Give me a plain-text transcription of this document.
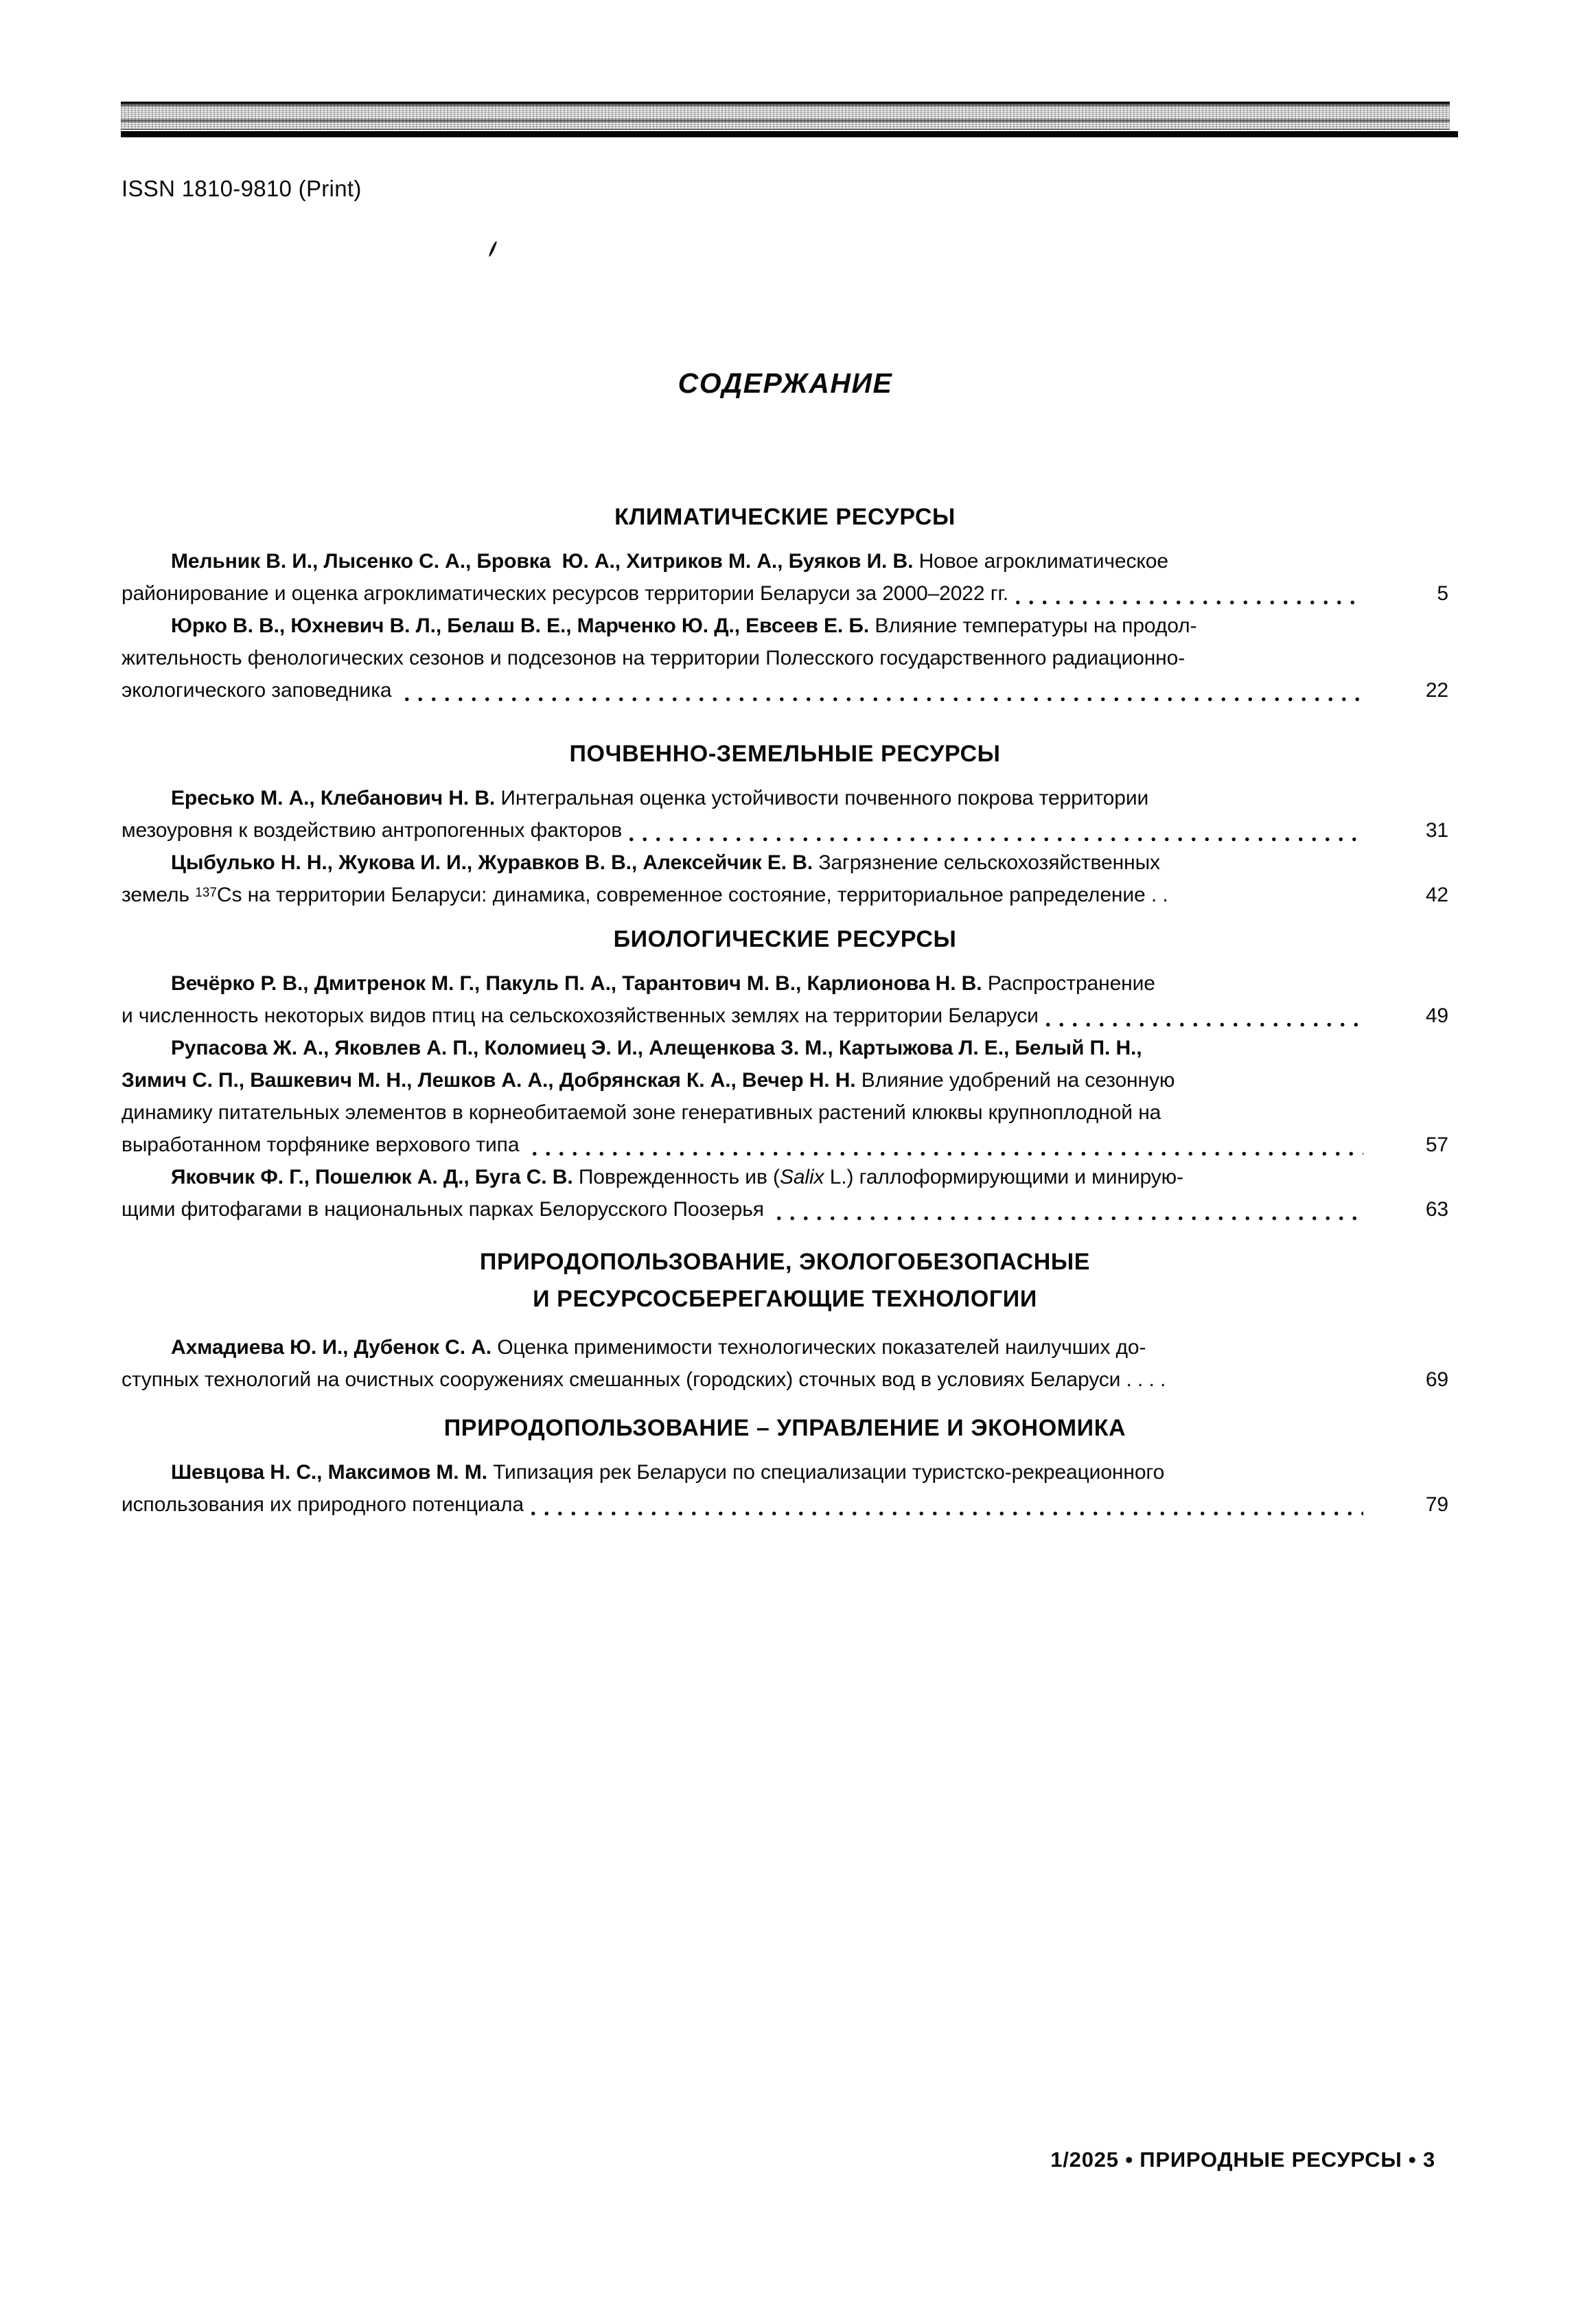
ISSN 1810-9810 (Print)
СОДЕРЖАНИЕ
КЛИМАТИЧЕСКИЕ РЕСУРСЫ
Мельник В. И., Лысенко С. А., Бровка  Ю. А., Хитриков М. А., Буяков И. В. Новое агроклиматическое
районирование и оценка агроклиматических ресурсов территории Беларуси за 2000–2022 гг.	5
Юрко В. В., Юхневич В. Л., Белаш В. Е., Марченко Ю. Д., Евсеев Е. Б. Влияние температуры на продол-
жительность фенологических сезонов и подсезонов на территории Полесского государственного радиационно-
экологического заповедника	22
ПОЧВЕННО-ЗЕМЕЛЬНЫЕ РЕСУРСЫ
Ересько М. А., Клебанович Н. В. Интегральная оценка устойчивости почвенного покрова территории
мезоуровня к воздействию антропогенных факторов	31
Цыбулько Н. Н., Жукова И. И., Журавков В. В., Алексейчик Е. В. Загрязнение сельскохозяйственных
земель $^{137}$Cs на территории Беларуси: динамика, современное состояние, территориальное рапределение . .	42
БИОЛОГИЧЕСКИЕ РЕСУРСЫ
Вечёрко Р. В., Дмитренок М. Г., Пакуль П. А., Тарантович М. В., Карлионова Н. В. Распространение
и численность некоторых видов птиц на сельскохозяйственных землях на территории Беларуси	49
Рупасова Ж. А., Яковлев А. П., Коломиец Э. И., Алещенкова З. М., Картыжова Л. Е., Белый П. Н.,
Зимич С. П., Вашкевич М. Н., Лешков А. А., Добрянская К. А., Вечер Н. Н. Влияние удобрений на сезонную
динамику питательных элементов в корнеобитаемой зоне генеративных растений клюквы крупноплодной на
выработанном торфянике верхового типа	57
Яковчик Ф. Г., Пошелюк А. Д., Буга С. В. Поврежденность ив (Salix L.) галлоформирующими и минирую-
щими фитофагами в национальных парках Белорусского Поозерья	63
ПРИРОДОПОЛЬЗОВАНИЕ, ЭКОЛОГОБЕЗОПАСНЫЕ
И РЕСУРСОСБЕРЕГАЮЩИЕ ТЕХНОЛОГИИ
Ахмадиева Ю. И., Дубенок С. А. Оценка применимости технологических показателей наилучших до-
ступных технологий на очистных сооружениях смешанных (городских) сточных вод в условиях Беларуси . . . .	69
ПРИРОДОПОЛЬЗОВАНИЕ – УПРАВЛЕНИЕ И ЭКОНОМИКА
Шевцова Н. С., Максимов М. М. Типизация рек Беларуси по специализации туристско-рекреационного
использования их природного потенциала	79
1/2025 • ПРИРОДНЫЕ РЕСУРСЫ • 3
